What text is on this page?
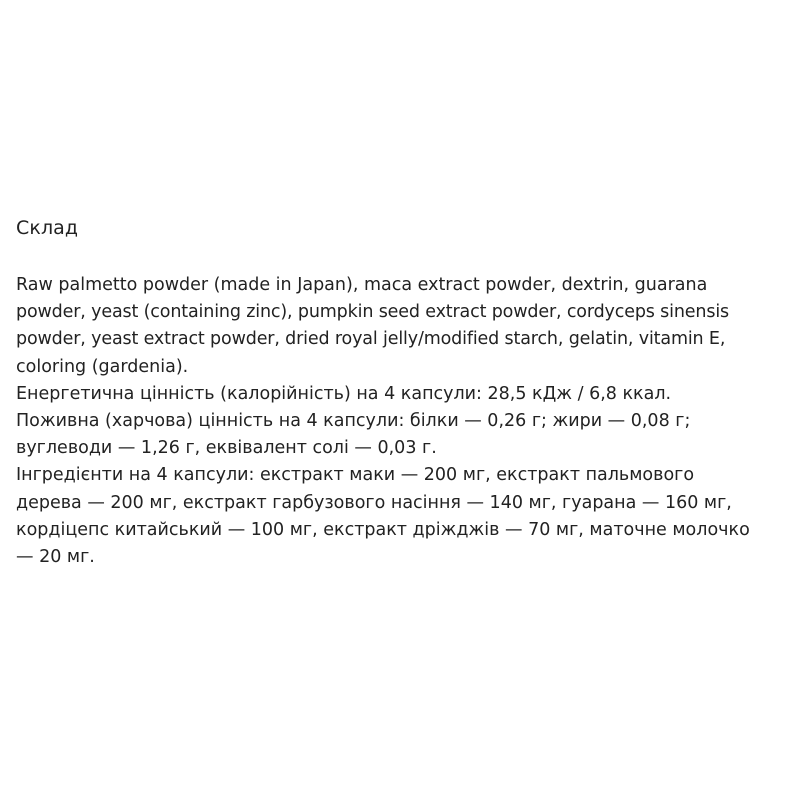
Склад
Raw palmetto powder (made in Japan), maca extract powder, dextrin, guarana
powder, yeast (containing zinc), pumpkin seed extract powder, cordyceps sinensis
powder, yeast extract powder, dried royal jelly/modified starch, gelatin, vitamin E,
coloring (gardenia).
Енергетична цінність (калорійність) на 4 капсули: 28,5 кДж / 6,8 ккал.
Поживна (харчова) цінність на 4 капсули: білки — 0,26 г; жири — 0,08 г;
вуглеводи — 1,26 г, еквівалент солі — 0,03 г.
Інгредієнти на 4 капсули: екстракт маки — 200 мг, екстракт пальмового
дерева — 200 мг, екстракт гарбузового насіння — 140 мг, гуарана — 160 мг,
кордіцепс китайський — 100 мг, екстракт дріжджів — 70 мг, маточне молочко
— 20 мг.
